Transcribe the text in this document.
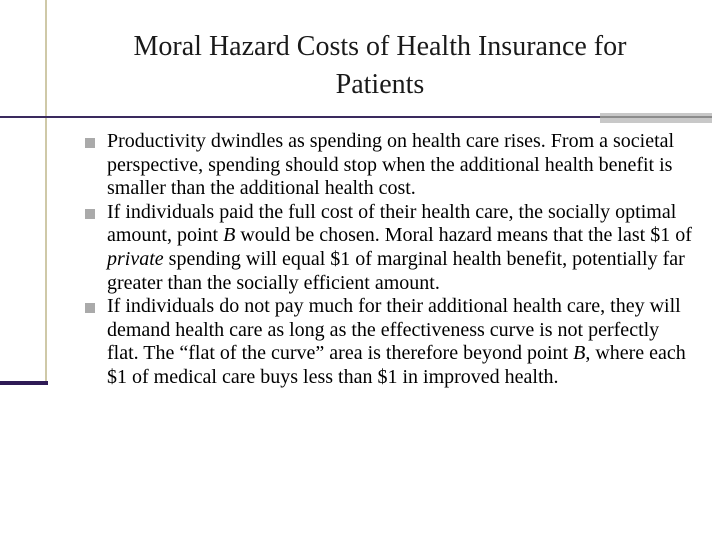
Moral Hazard Costs of Health Insurance for
Patients
Productivity dwindles as spending on health care rises. From a societal perspective, spending should stop when the additional health benefit is smaller than the additional health cost.
If individuals paid the full cost of their health care, the socially optimal amount, point B would be chosen. Moral hazard means that the last $1 of private spending will equal $1 of marginal health benefit, potentially far greater than the socially efficient amount.
If individuals do not pay much for their additional health care, they will demand health care as long as the effectiveness curve is not perfectly flat. The “flat of the curve” area is therefore beyond point B, where each $1 of medical care buys less than $1 in improved health.
